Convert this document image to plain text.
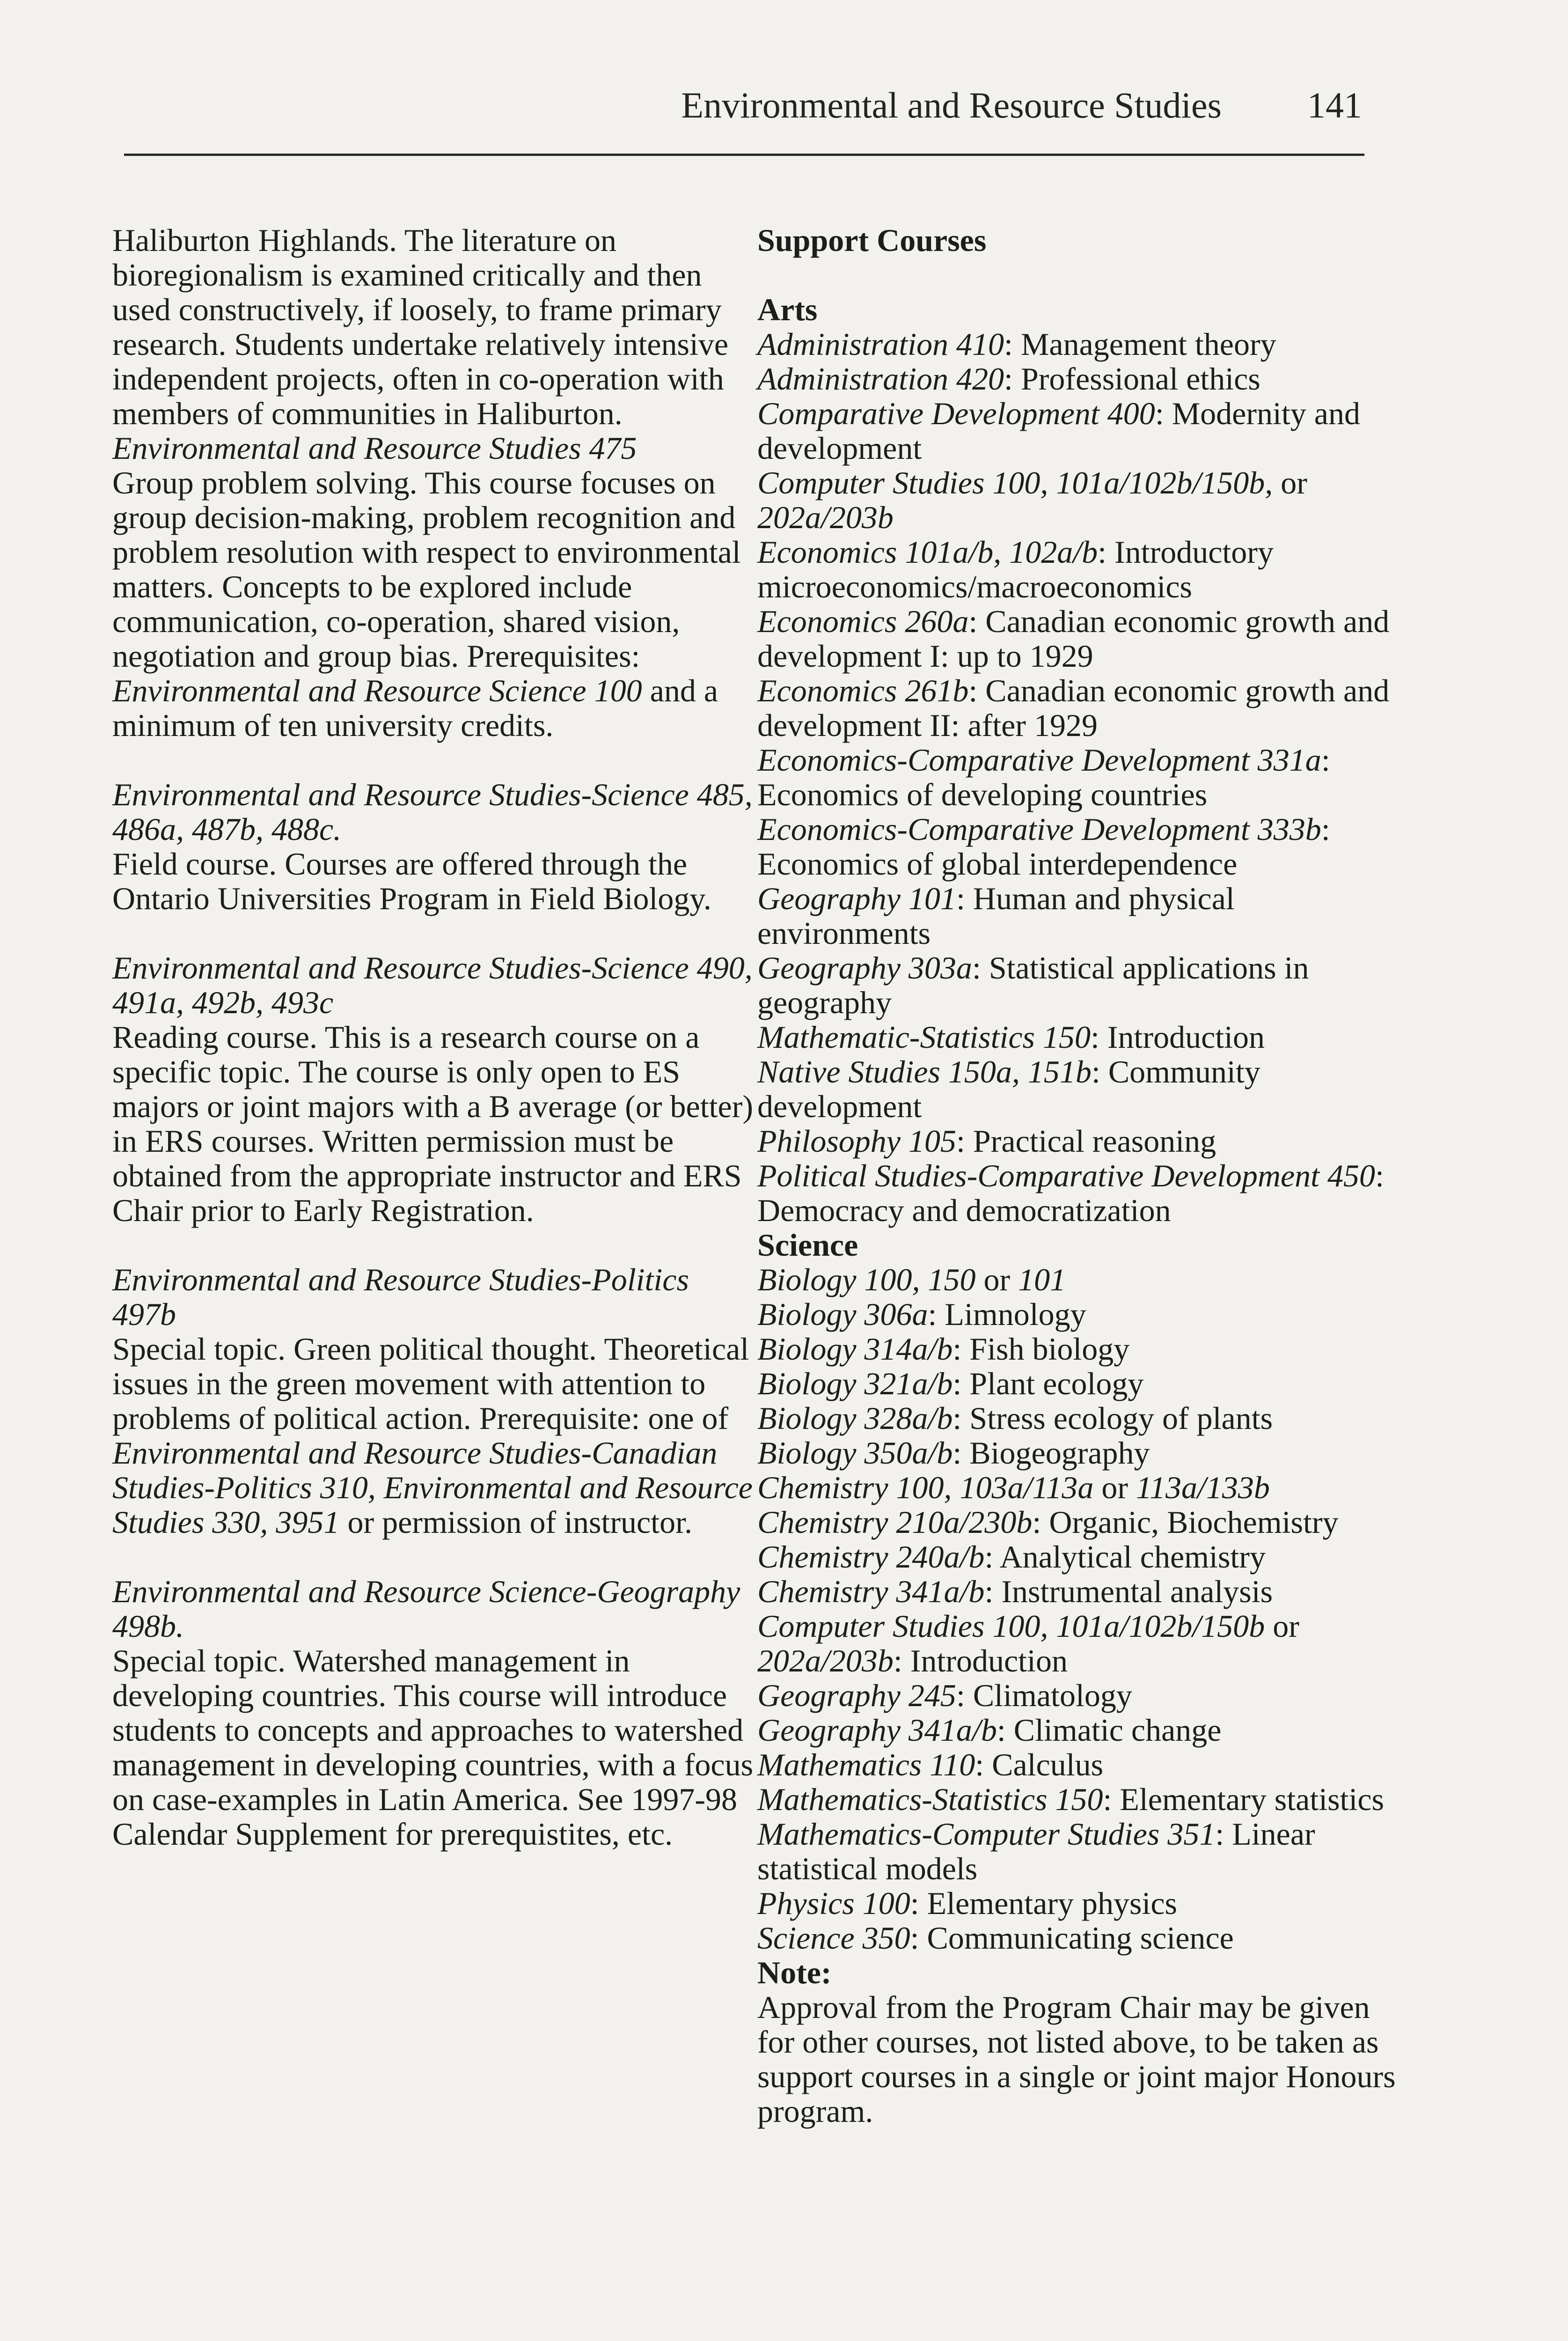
Environmental and Resource Studies 141

Haliburton Highlands. The literature on bioregionalism is examined critically and then used constructively, if loosely, to frame primary research. Students undertake relatively intensive independent projects, often in co-operation with members of communities in Haliburton.

Environmental and Resource Studies 475

Group problem solving. This course focuses on group decision-making, problem recognition and problem resolution with respect to environmental matters. Concepts to be explored include communication, co-operation, shared vision, negotiation and group bias. Prerequisites: Environmental and Resource Science 100 and a minimum of ten university credits.

Environmental and Resource Studies-Science 485, 486a, 487b, 488c.

Field course. Courses are offered through the Ontario Universities Program in Field Biology.

Environmental and Resource Studies-Science 490, 491a, 492b, 493c

Reading course. This is a research course on a specific topic. The course is only open to ES majors or joint majors with a B average (or better) in ERS courses. Written permission must be obtained from the appropriate instructor and ERS Chair prior to Early Registration.

Environmental and Resource Studies-Politics 497b

Special topic. Green political thought. Theoretical issues in the green movement with attention to problems of political action. Prerequisite: one of Environmental and Resource Studies-Canadian Studies-Politics 310, Environmental and Resource Studies 330, 3951 or permission of instructor.

Environmental and Resource Science-Geography 498b.

Special topic. Watershed management in developing countries. This course will introduce students to concepts and approaches to watershed management in developing countries, with a focus on case-examples in Latin America. See 1997-98 Calendar Supplement for prerequistites, etc.

Support Courses

Arts

Administration 410: Management theory

Administration 420: Professional ethics

Comparative Development 400: Modernity and development

Computer Studies 100, 101a/102b/150b, or 202a/203b

Economics 101a/b, 102a/b: Introductory microeconomics/macroeconomics

Economics 260a: Canadian economic growth and development I: up to 1929

Economics 261b: Canadian economic growth and development II: after 1929

Economics-Comparative Development 331a: Economics of developing countries

Economics-Comparative Development 333b: Economics of global interdependence

Geography 101: Human and physical environments

Geography 303a: Statistical applications in geography

Mathematic-Statistics 150: Introduction

Native Studies 150a, 151b: Community development

Philosophy 105: Practical reasoning

Political Studies-Comparative Development 450: Democracy and democratization

Science

Biology 100, 150 or 101

Biology 306a: Limnology

Biology 314a/b: Fish biology

Biology 321a/b: Plant ecology

Biology 328a/b: Stress ecology of plants

Biology 350a/b: Biogeography

Chemistry 100, 103a/113a or 113a/133b

Chemistry 210a/230b: Organic, Biochemistry

Chemistry 240a/b: Analytical chemistry

Chemistry 341a/b: Instrumental analysis

Computer Studies 100, 101a/102b/150b or 202a/203b: Introduction

Geography 245: Climatology

Geography 341a/b: Climatic change

Mathematics 110: Calculus

Mathematics-Statistics 150: Elementary statistics

Mathematics-Computer Studies 351: Linear statistical models

Physics 100: Elementary physics

Science 350: Communicating science

Note:

Approval from the Program Chair may be given for other courses, not listed above, to be taken as support courses in a single or joint major Honours program.
